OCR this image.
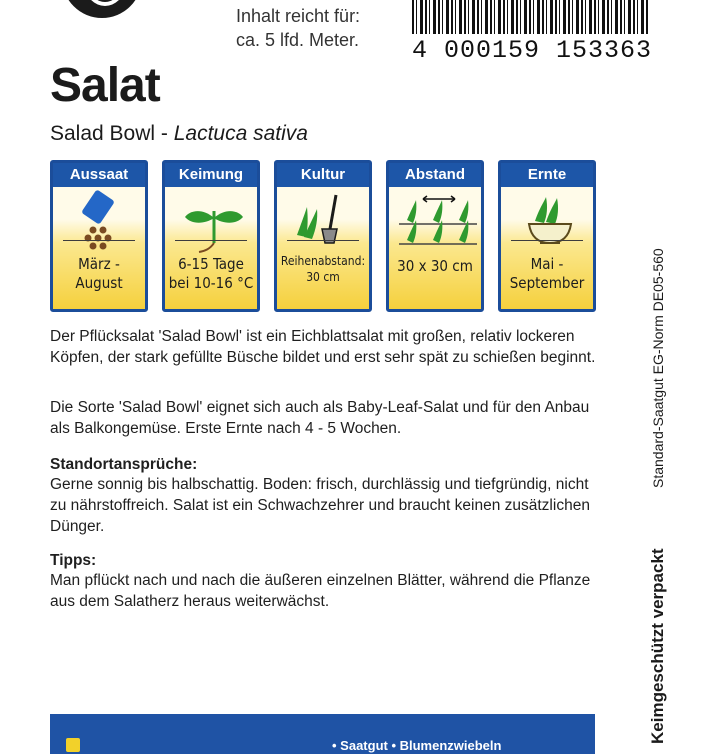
Inhalt reicht für:
ca. 5 lfd. Meter. 4 000159 153363
Salat
Salad Bowl - Lactuca sativa
Aussaat
März -
August
Keimung
6-15 Tage
bei 10-16 °C
Kultur
Reihenabstand:
30 cm
Abstand
30 x 30 cm
Ernte
Mai -
September
Der Pflücksalat 'Salad Bowl' ist ein Eichblattsalat mit großen, relativ lockeren Köpfen, der stark gefüllte Büsche bildet und erst sehr spät zu schießen beginnt.
Die Sorte 'Salad Bowl' eignet sich auch als Baby-Leaf-Salat und für den Anbau als Balkongemüse. Erste Ernte nach 4 - 5 Wochen.
Standortansprüche:
Gerne sonnig bis halbschattig. Boden: frisch, durchlässig und tiefgründig, nicht zu nährstoffreich. Salat ist ein Schwachzehrer und braucht keinen zusätzlichen Dünger.
Tipps:
Man pflückt nach und nach die äußeren einzelnen Blätter, während die Pflanze aus dem Salatherz heraus weiterwächst.
Standard-Saatgut EG-Norm DE05-560
Keimgeschützt verpackt
• Saatgut • Blumenzwiebeln
